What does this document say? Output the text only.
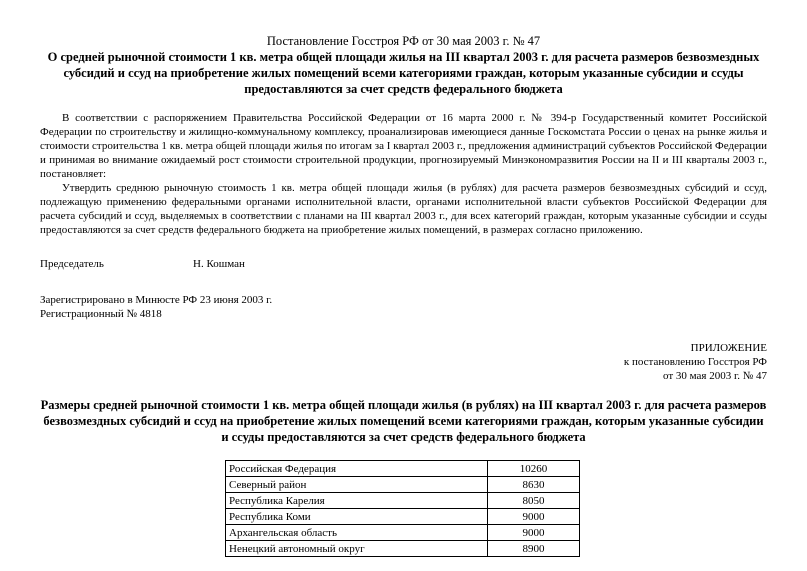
Постановление Госстроя РФ от 30 мая 2003 г. № 47

О средней рыночной стоимости 1 кв. метра общей площади жилья на III квартал 2003 г. для расчета размеров безвозмездных субсидий и ссуд на приобретение жилых помещений всеми категориями граждан, которым указанные субсидии и ссуды предоставляются за счет средств федерального бюджета

В соответствии с распоряжением Правительства Российской Федерации от 16 марта 2000 г. № 394-р Государственный комитет Российской Федерации по строительству и жилищно-коммунальному комплексу, проанализировав имеющиеся данные Госкомстата России о ценах на рынке жилья и стоимости строительства 1 кв. метра общей площади жилья по итогам за I квартал 2003 г., предложения администраций субъектов Российской Федерации и принимая во внимание ожидаемый рост стоимости строительной продукции, прогнозируемый Минэкономразвития России на II и III кварталы 2003 г., постановляет:

Утвердить среднюю рыночную стоимость 1 кв. метра общей площади жилья (в рублях) для расчета размеров безвозмездных субсидий и ссуд, подлежащую применению федеральными органами исполнительной власти, органами исполнительной власти субъектов Российской Федерации для расчета субсидий и ссуд, выделяемых в соответствии с планами на III квартал 2003 г., для всех категорий граждан, которым указанные субсидии и ссуды предоставляются за счет средств федерального бюджета на приобретение жилых помещений, в размерах согласно приложению.

Председатель	Н. Кошман
Зарегистрировано в Минюсте РФ 23 июня 2003 г.
Регистрационный № 4818
ПРИЛОЖЕНИЕ
к постановлению Госстроя РФ
от 30 мая 2003 г. № 47

Размеры средней рыночной стоимости 1 кв. метра общей площади жилья (в рублях) на III квартал 2003 г. для расчета размеров безвозмездных субсидий и ссуд на приобретение жилых помещений всеми категориями граждан, которым указанные субсидии и ссуды предоставляются за счет средств федерального бюджета

Российская Федерация	10260
Северный район	8630
Республика Карелия	8050
Республика Коми	9000
Архангельская область	9000
Ненецкий автономный округ	8900
